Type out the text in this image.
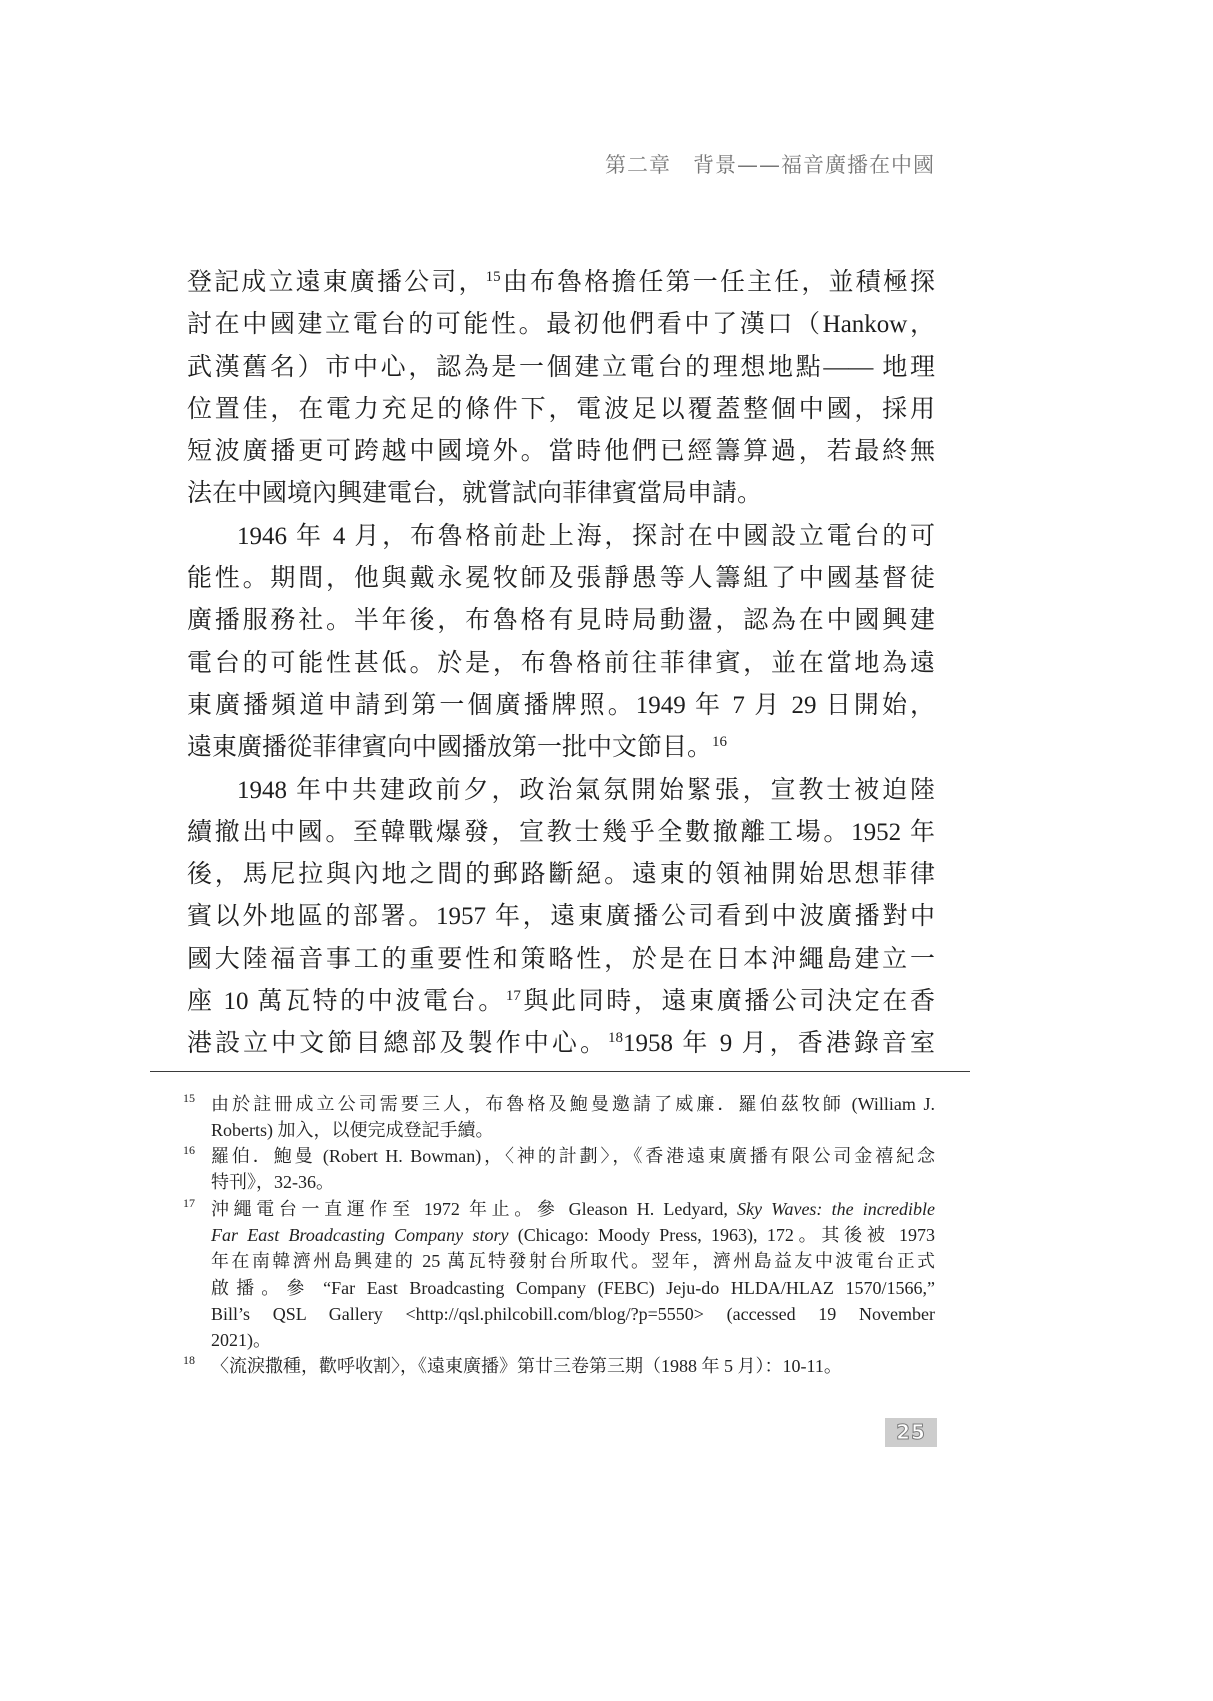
第二章　背景——福音廣播在中國
登記成立遠東廣播公司，$^{15}$由布魯格擔任第一任主任，並積極探
討在中國建立電台的可能性。最初他們看中了漢口（Hankow，
武漢舊名）市中心，認為是一個建立電台的理想地點—— 地理
位置佳，在電力充足的條件下，電波足以覆蓋整個中國，採用
短波廣播更可跨越中國境外。當時他們已經籌算過，若最終無
法在中國境內興建電台，就嘗試向菲律賓當局申請。
1946 年 4 月，布魯格前赴上海，探討在中國設立電台的可
能性。期間，他與戴永冕牧師及張靜愚等人籌組了中國基督徒
廣播服務社。半年後，布魯格有見時局動盪，認為在中國興建
電台的可能性甚低。於是，布魯格前往菲律賓，並在當地為遠
東廣播頻道申請到第一個廣播牌照。1949 年 7 月 29 日開始，
遠東廣播從菲律賓向中國播放第一批中文節目。$^{16}$
1948 年中共建政前夕，政治氣氛開始緊張，宣教士被迫陸
續撤出中國。至韓戰爆發，宣教士幾乎全數撤離工場。1952 年
後，馬尼拉與內地之間的郵路斷絕。遠東的領袖開始思想菲律
賓以外地區的部署。1957 年，遠東廣播公司看到中波廣播對中
國大陸福音事工的重要性和策略性，於是在日本沖繩島建立一
座 10 萬瓦特的中波電台。$^{17}$與此同時，遠東廣播公司決定在香
港設立中文節目總部及製作中心。$^{18}$1958 年 9 月，香港錄音室
15 由於註冊成立公司需要三人，布魯格及鮑曼邀請了威廉．羅伯茲牧師 (William J.
Roberts) 加入，以便完成登記手續。
16 羅伯．鮑曼 (Robert H. Bowman)，〈神的計劃〉，《香港遠東廣播有限公司金禧紀念
特刊》，32-36。
17 沖繩電台一直運作至 1972 年止。參 Gleason H. Ledyard, Sky Waves: the incredible
Far East Broadcasting Company story (Chicago: Moody Press, 1963), 172。其後被 1973
年在南韓濟州島興建的 25 萬瓦特發射台所取代。翌年，濟州島益友中波電台正式
啟播。參 “Far East Broadcasting Company (FEBC) Jeju-do HLDA/HLAZ 1570/1566,”
Bill’s QSL Gallery <http://qsl.philcobill.com/blog/?p=5550> (accessed 19 November
2021)。
18 〈流淚撒種，歡呼收割〉，《遠東廣播》第廿三卷第三期（1988 年 5 月）：10-11。
25
